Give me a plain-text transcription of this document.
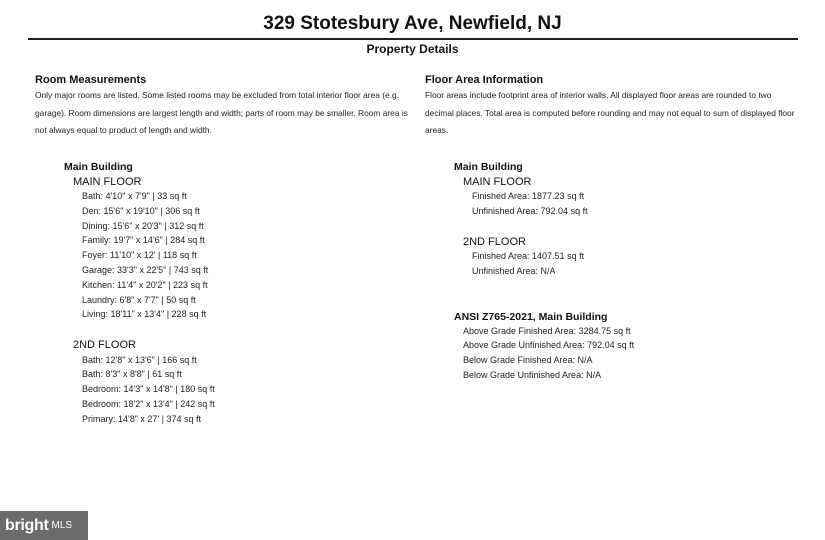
329 Stotesbury Ave, Newfield, NJ
Property Details
Room Measurements
Only major rooms are listed. Some listed rooms may be excluded from total interior floor area (e.g. garage). Room dimensions are largest length and width; parts of room may be smaller. Room area is not always equal to product of length and width.
Main Building
MAIN FLOOR
Bath: 4'10" x 7'9" | 33 sq ft
Den: 15'6" x 19'10" | 306 sq ft
Dining: 15'6" x 20'3" | 312 sq ft
Family: 19'7" x 14'6" | 284 sq ft
Foyer: 11'10" x 12' | 118 sq ft
Garage: 33'3" x 22'5" | 743 sq ft
Kitchen: 11'4" x 20'2" | 223 sq ft
Laundry: 6'8" x 7'7" | 50 sq ft
Living: 18'11" x 13'4" | 228 sq ft
2ND FLOOR
Bath: 12'8" x 13'6" | 166 sq ft
Bath: 8'3" x 8'8" | 61 sq ft
Bedroom: 14'3" x 14'8" | 180 sq ft
Bedroom: 18'2" x 13'4" | 242 sq ft
Primary: 14'8" x 27' | 374 sq ft
Floor Area Information
Floor areas include footprint area of interior walls. All displayed floor areas are rounded to two decimal places. Total area is computed before rounding and may not equal to sum of displayed floor areas.
Main Building
MAIN FLOOR
Finished Area: 1877.23 sq ft
Unfinished Area: 792.04 sq ft
2ND FLOOR
Finished Area: 1407.51 sq ft
Unfinished Area: N/A
ANSI Z765-2021, Main Building
Above Grade Finished Area: 3284.75 sq ft
Above Grade Unfinished Area: 792.04 sq ft
Below Grade Finished Area: N/A
Below Grade Unfinished Area: N/A
bright MLS
